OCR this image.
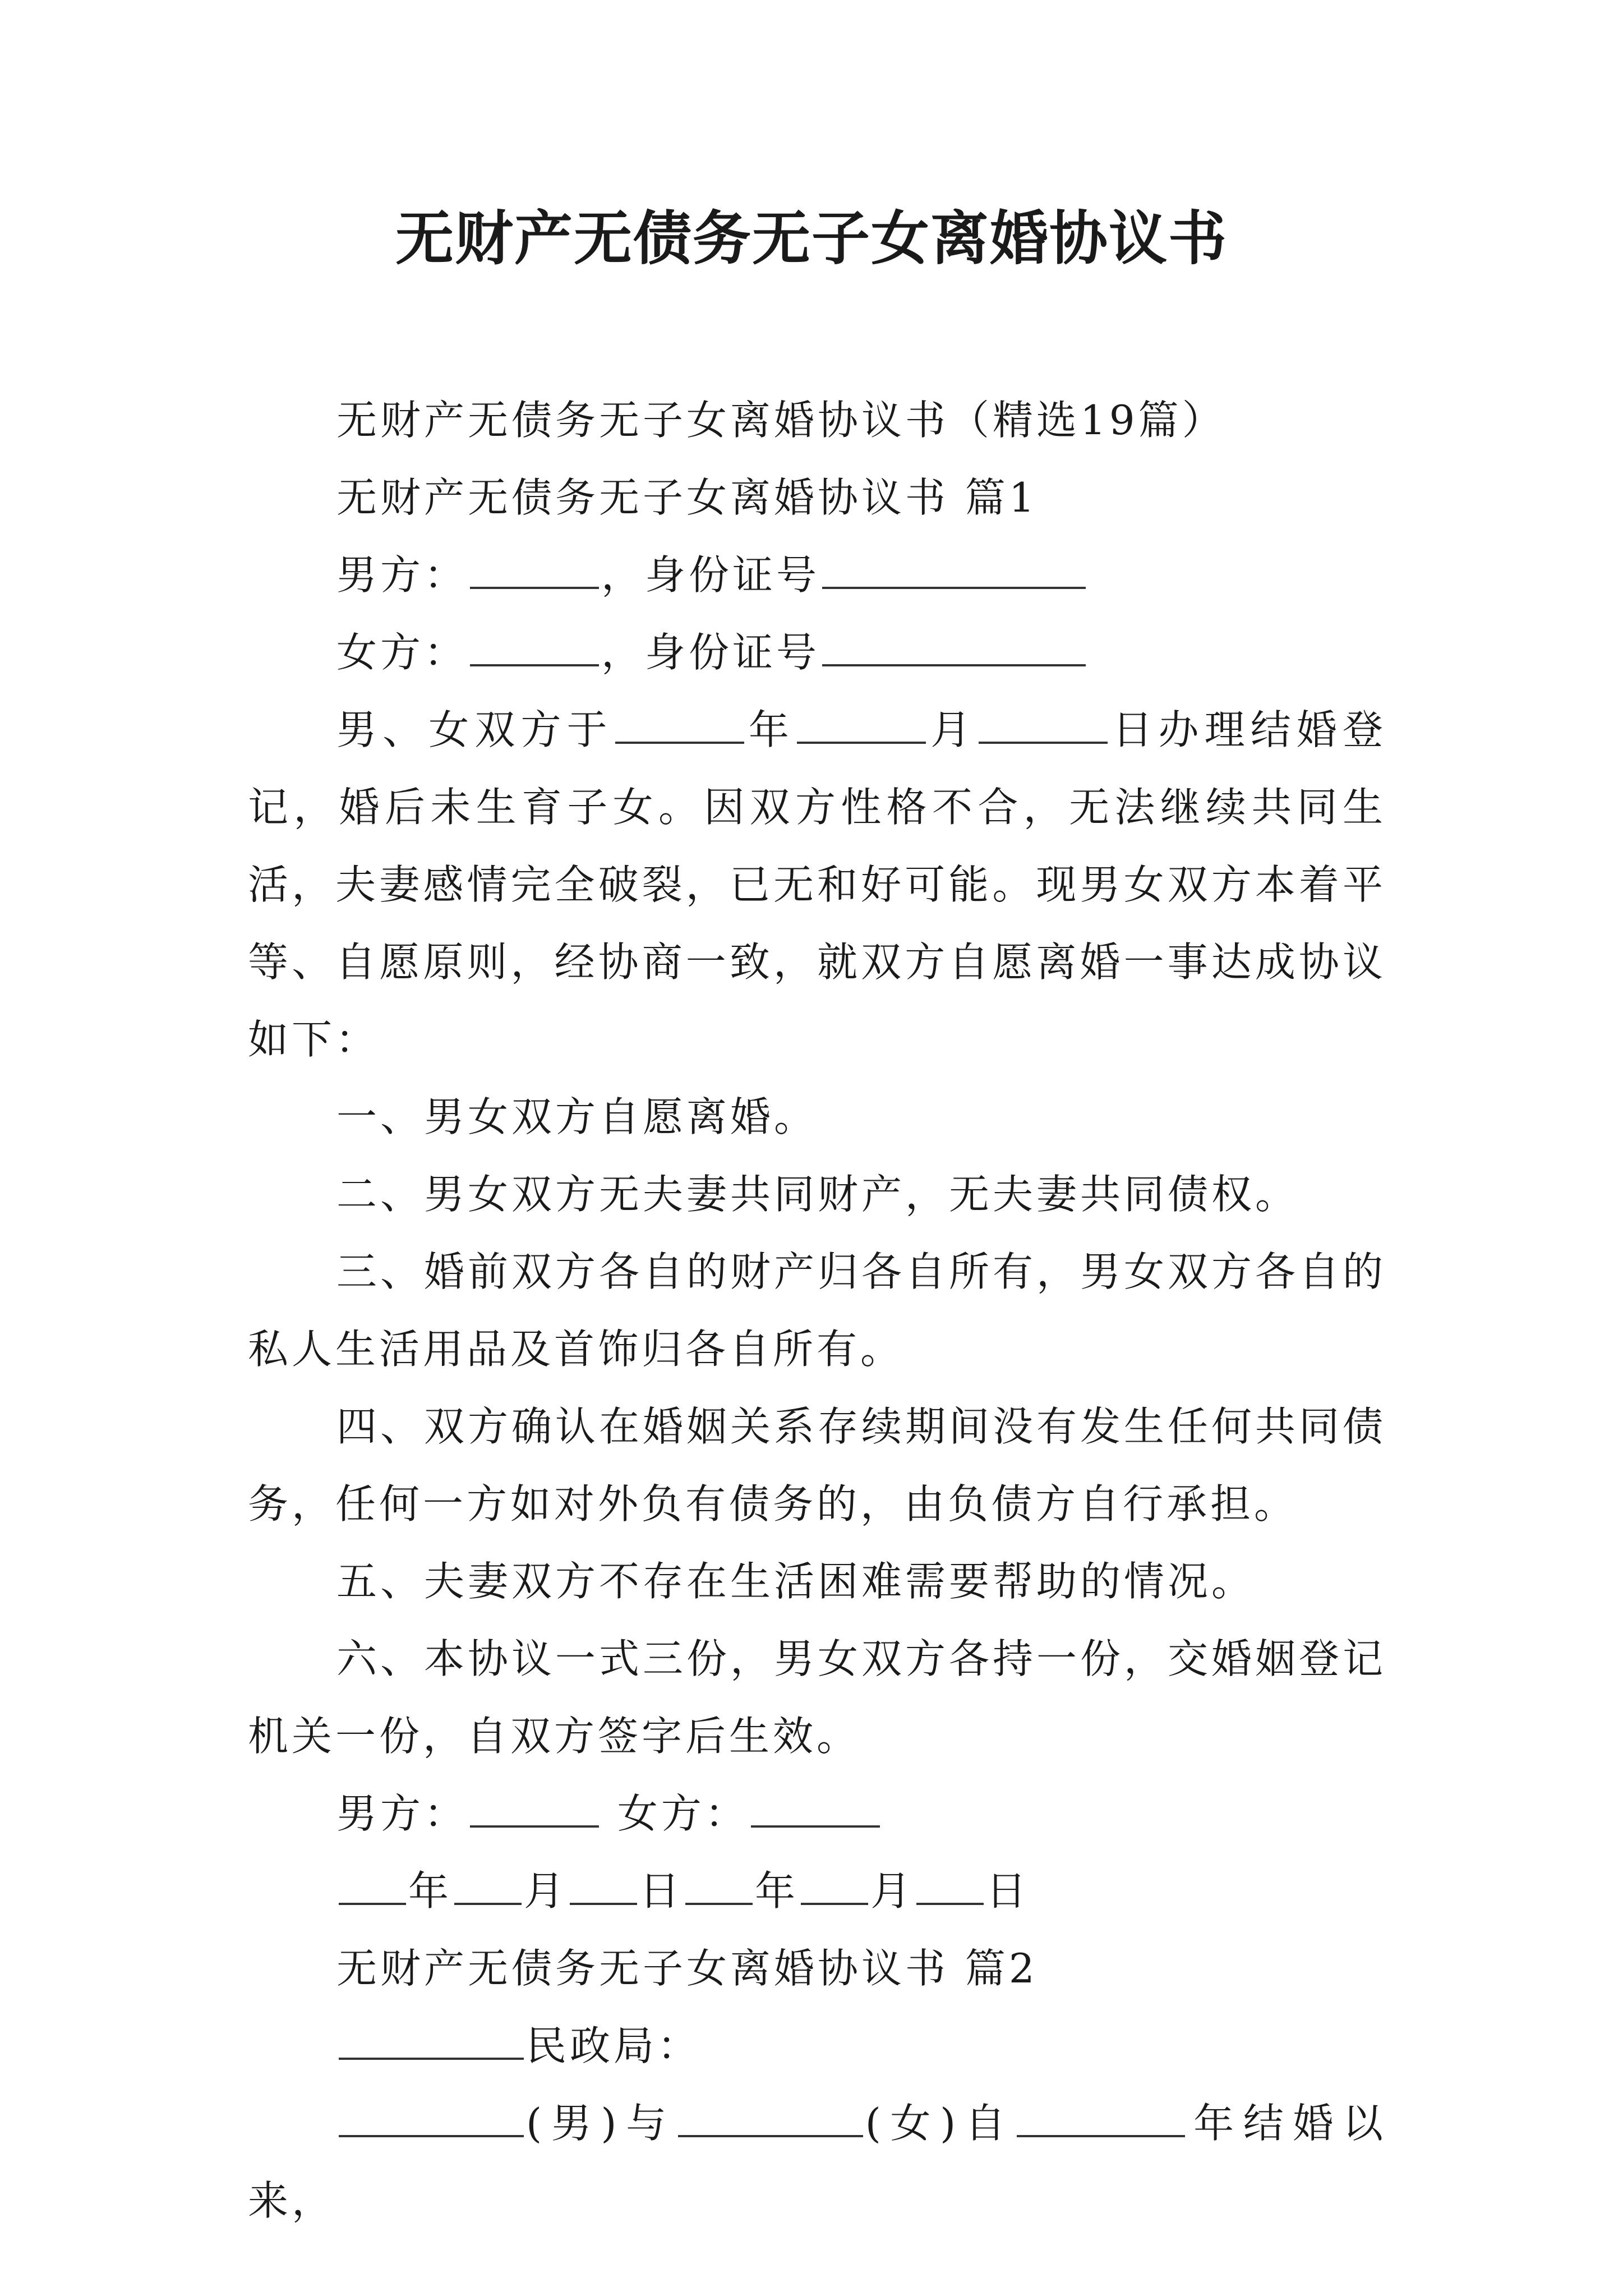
无财产无债务无子女离婚协议书

无财产无债务无子女离婚协议书（精选19篇）

无财产无债务无子女离婚协议书 篇1

男方：	，身份证号

女方：	，身份证号

男、女双方于	年	月	日办理结婚登记，婚后未生育子女。因双方性格不合，无法继续共同生活，夫妻感情完全破裂，已无和好可能。现男女双方本着平等、自愿原则，经协商一致，就双方自愿离婚一事达成协议如下：

一、男女双方自愿离婚。

二、男女双方无夫妻共同财产，无夫妻共同债权。

三、婚前双方各自的财产归各自所有，男女双方各自的私人生活用品及首饰归各自所有。

四、双方确认在婚姻关系存续期间没有发生任何共同债务，任何一方如对外负有债务的，由负债方自行承担。

五、夫妻双方不存在生活困难需要帮助的情况。

六、本协议一式三份，男女双方各持一份，交婚姻登记机关一份，自双方签字后生效。

男方：	女方：

年 月 日 年 月 日

无财产无债务无子女离婚协议书 篇2

民政局：

(男)与	(女)自	年结婚以来，
